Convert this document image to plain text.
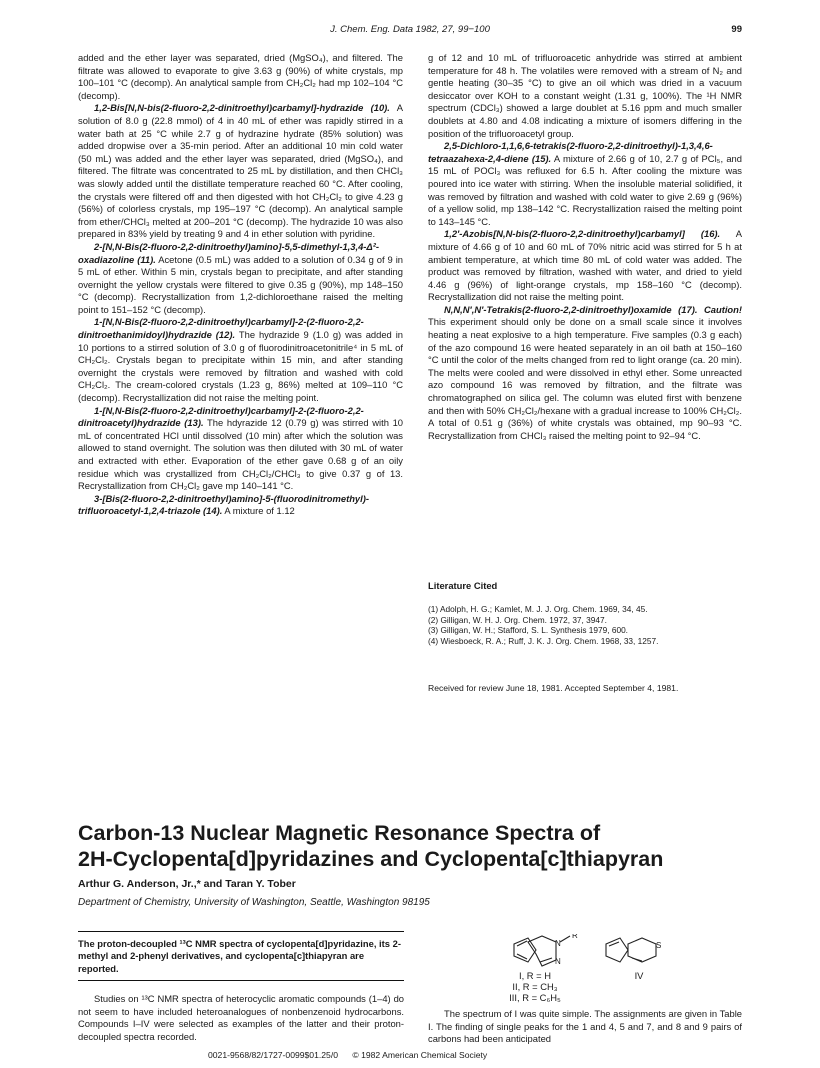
J. Chem. Eng. Data 1982, 27, 99−100	99

added and the ether layer was separated, dried (MgSO₄), and filtered. The filtrate was allowed to evaporate to give 3.63 g (90%) of white crystals, mp 100–101 °C (decomp). An analytical sample from CH₂Cl₂ had mp 102–104 °C (decomp).

1,2-Bis[N,N-bis(2-fluoro-2,2-dinitroethyl)carbamyl]-hydrazide (10). A solution of 8.0 g (22.8 mmol) of 4 in 40 mL of ether was rapidly stirred in a water bath at 25 °C while 2.7 g of hydrazine hydrate (85% solution) was added dropwise over a 35-min period. After an additional 10 min cold water (50 mL) was added and the ether layer was separated, dried (MgSO₄), and filtered. The filtrate was concentrated to 25 mL by distillation, and then CHCl₃ was slowly added until the distillate temperature reached 60 °C. After cooling, the crystals were filtered off and then digested with hot CH₂Cl₂ to give 4.23 g (56%) of colorless crystals, mp 195–197 °C (decomp). An analytical sample from ether/CHCl₃ melted at 200–201 °C (decomp). The hydrazide 10 was also prepared in 83% yield by treating 9 and 4 in ether solution with pyridine.

2-[N,N-Bis(2-fluoro-2,2-dinitroethyl)amino]-5,5-dimethyl-1,3,4-Δ²-oxadiazoline (11). Acetone (0.5 mL) was added to a solution of 0.34 g of 9 in 5 mL of ether. Within 5 min, crystals began to precipitate, and after standing overnight the yellow crystals were filtered to give 0.35 g (90%), mp 148–150 °C (decomp). Recrystallization from 1,2-dichloroethane raised the melting point to 151–152 °C (decomp).

1-[N,N-Bis(2-fluoro-2,2-dinitroethyl)carbamyl]-2-(2-fluoro-2,2-dinitroethanimidoyl)hydrazide (12). The hydrazide 9 (1.0 g) was added in 10 portions to a stirred solution of 3.0 g of fluorodinitroacetonitrile⁴ in 5 mL of CH₂Cl₂. Crystals began to precipitate within 15 min, and after standing overnight the crystals were removed by filtration and washed with cold CH₂Cl₂. The cream-colored crystals (1.23 g, 86%) melted at 109–110 °C (decomp). Recrystallization did not raise the melting point.

1-[N,N-Bis(2-fluoro-2,2-dinitroethyl)carbamyl]-2-(2-fluoro-2,2-dinitroacetyl)hydrazide (13). The hdyrazide 12 (0.79 g) was stirred with 10 mL of concentrated HCl until dissolved (10 min) after which the solution was allowed to stand overnight. The solution was then diluted with 30 mL of water and extracted with ether. Evaporation of the ether gave 0.68 g of an oily residue which was crystallized from CH₂Cl₂/CHCl₃ to give 0.37 g of 13. Recrystallization from CH₂Cl₂ gave mp 140–141 °C.

3-[Bis(2-fluoro-2,2-dinitroethyl)amino]-5-(fluorodinitromethyl)-trifluoroacetyl-1,2,4-triazole (14). A mixture of 1.12

g of 12 and 10 mL of trifluoroacetic anhydride was stirred at ambient temperature for 48 h. The volatiles were removed with a stream of N₂ and gentle heating (30–35 °C) to give an oil which was dried in a vacuum desiccator over KOH to a constant weight (1.31 g, 100%). The ¹H NMR spectrum (CDCl₃) showed a large doublet at 5.16 ppm and much smaller doublets at 4.80 and 4.08 indicating a mixture of isomers differing in the position of the trifluoroacetyl group.

2,5-Dichloro-1,1,6,6-tetrakis(2-fluoro-2,2-dinitroethyl)-1,3,4,6-tetraazahexa-2,4-diene (15). A mixture of 2.66 g of 10, 2.7 g of PCl₅, and 15 mL of POCl₃ was refluxed for 6.5 h. After cooling the mixture was poured into ice water with stirring. When the insoluble material solidified, it was removed by filtration and washed with cold water to give 2.69 g (96%) of a yellow solid, mp 138–142 °C. Recrystallization raised the melting point to 143–145 °C.

1,2′-Azobis[N,N-bis(2-fluoro-2,2-dinitroethyl)carbamyl] (16). A mixture of 4.66 g of 10 and 60 mL of 70% nitric acid was stirred for 5 h at ambient temperature, at which time 80 mL of cold water was added. The product was removed by filtration, washed with water, and dried to yield 4.46 g (96%) of light-orange crystals, mp 158–160 °C (decomp). Recrystallization did not raise the melting point.

N,N,N′,N′-Tetrakis(2-fluoro-2,2-dinitroethyl)oxamide (17). Caution! This experiment should only be done on a small scale since it involves heating a neat explosive to a high temperature. Five samples (0.3 g each) of the azo compound 16 were heated separately in an oil bath at 150–160 °C until the color of the melts changed from red to light orange (ca. 20 min). The melts were cooled and were dissolved in ethyl ether. Some unreacted azo compound 16 was removed by filtration, and the filtrate was chromatographed on silica gel. The column was eluted first with benzene and then with 50% CH₂Cl₂/hexane with a gradual increase to 100% CH₂Cl₂. A total of 0.51 g (36%) of white crystals was obtained, mp 90–93 °C. Recrystallization from CHCl₃ raised the melting point to 92–94 °C.

Literature Cited
(1) Adolph, H. G.; Kamlet, M. J. J. Org. Chem. 1969, 34, 45.
(2) Gilligan, W. H. J. Org. Chem. 1972, 37, 3947.
(3) Gilligan, W. H.; Stafford, S. L. Synthesis 1979, 600.
(4) Wiesboeck, R. A.; Ruff, J. K. J. Org. Chem. 1968, 33, 1257.
Received for review June 18, 1981. Accepted September 4, 1981.
Carbon-13 Nuclear Magnetic Resonance Spectra of
2H-Cyclopenta[d]pyridazines and Cyclopenta[c]thiapyran
Arthur G. Anderson, Jr.,* and Taran Y. Tober
Department of Chemistry, University of Washington, Seattle, Washington 98195
The proton-decoupled ¹³C NMR spectra of cyclopenta[d]pyridazine, its 2-methyl and 2-phenyl derivatives, and cyclopenta[c]thiapyran are reported.

Studies on ¹³C NMR spectra of heterocyclic aromatic compounds (1–4) do not seem to have included heteroanalogues of nonbenzenoid hydrocarbons. Compounds I–IV were selected as examples of the latter and their proton-decoupled spectra recorded.

N
N
R
S
I, R = H
II, R = CH₃
III, R = C₆H₅
IV

The spectrum of I was quite simple. The assignments are given in Table I. The finding of single peaks for the 1 and 4, 5 and 7, and 8 and 9 pairs of carbons had been anticipated

0021-9568/82/1727-0099$01.25/0 © 1982 American Chemical Society
